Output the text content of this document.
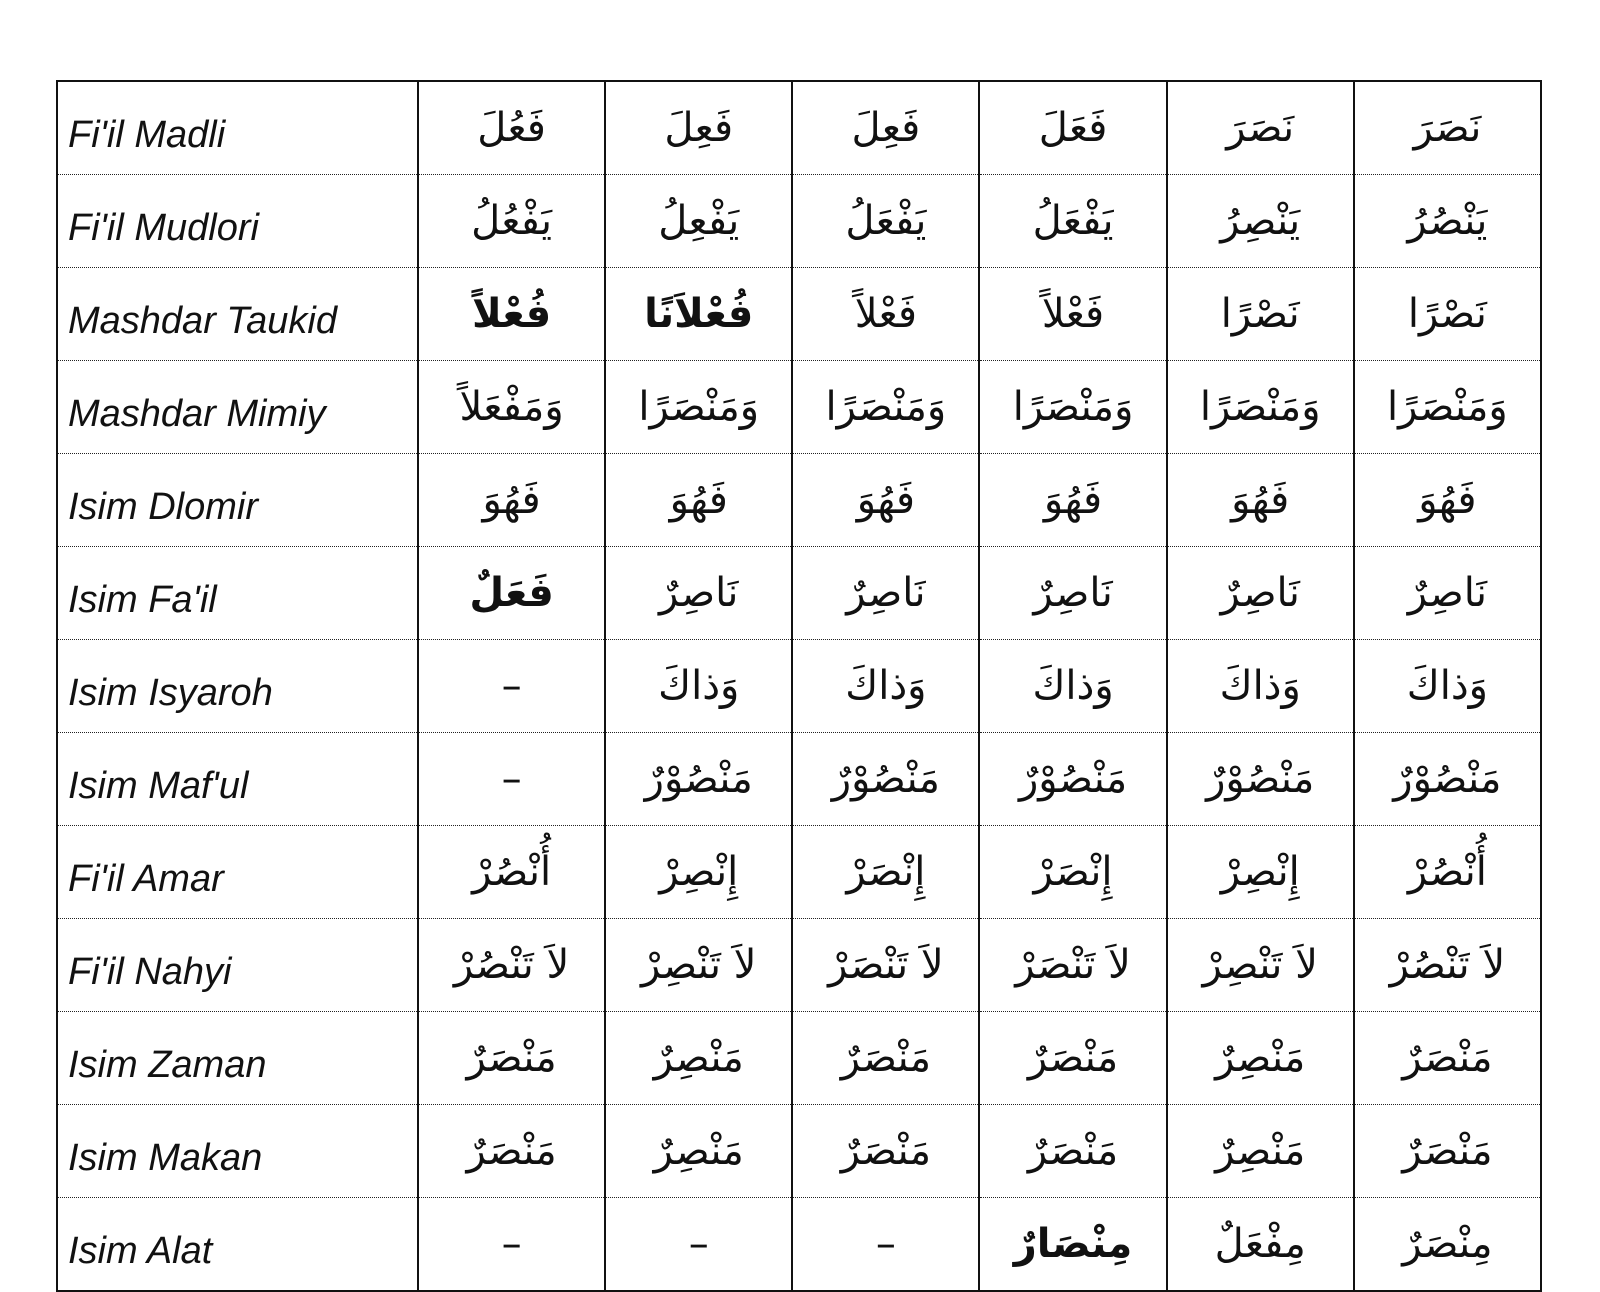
Fi'il Madli	فَعُلَ	فَعِلَ	فَعِلَ	فَعَلَ	نَصَرَ	نَصَرَ
Fi'il Mudlori	يَفْعُلُ	يَفْعِلُ	يَفْعَلُ	يَفْعَلُ	يَنْصِرُ	يَنْصُرُ
Mashdar Taukid	فُعْلاً	فُعْلاَنًا	فَعْلاً	فَعْلاً	نَصْرًا	نَصْرًا
Mashdar Mimiy	وَمَفْعَلاً	وَمَنْصَرًا	وَمَنْصَرًا	وَمَنْصَرًا	وَمَنْصَرًا	وَمَنْصَرًا
Isim Dlomir	فَهُوَ	فَهُوَ	فَهُوَ	فَهُوَ	فَهُوَ	فَهُوَ
Isim Fa'il	فَعَلٌ	نَاصِرٌ	نَاصِرٌ	نَاصِرٌ	نَاصِرٌ	نَاصِرٌ
Isim Isyaroh	–	وَذاكَ	وَذاكَ	وَذاكَ	وَذاكَ	وَذاكَ
Isim Maf'ul	–	مَنْصُوْرٌ	مَنْصُوْرٌ	مَنْصُوْرٌ	مَنْصُوْرٌ	مَنْصُوْرٌ
Fi'il Amar	أُنْصُرْ	إِنْصِرْ	إِنْصَرْ	إِنْصَرْ	إِنْصِرْ	أُنْصُرْ
Fi'il Nahyi	لاَ تَنْصُرْ	لاَ تَنْصِرْ	لاَ تَنْصَرْ	لاَ تَنْصَرْ	لاَ تَنْصِرْ	لاَ تَنْصُرْ
Isim Zaman	مَنْصَرٌ	مَنْصِرٌ	مَنْصَرٌ	مَنْصَرٌ	مَنْصِرٌ	مَنْصَرٌ
Isim Makan	مَنْصَرٌ	مَنْصِرٌ	مَنْصَرٌ	مَنْصَرٌ	مَنْصِرٌ	مَنْصَرٌ
Isim Alat	–	–	–	مِنْصَارٌ	مِفْعَلٌ	مِنْصَرٌ
